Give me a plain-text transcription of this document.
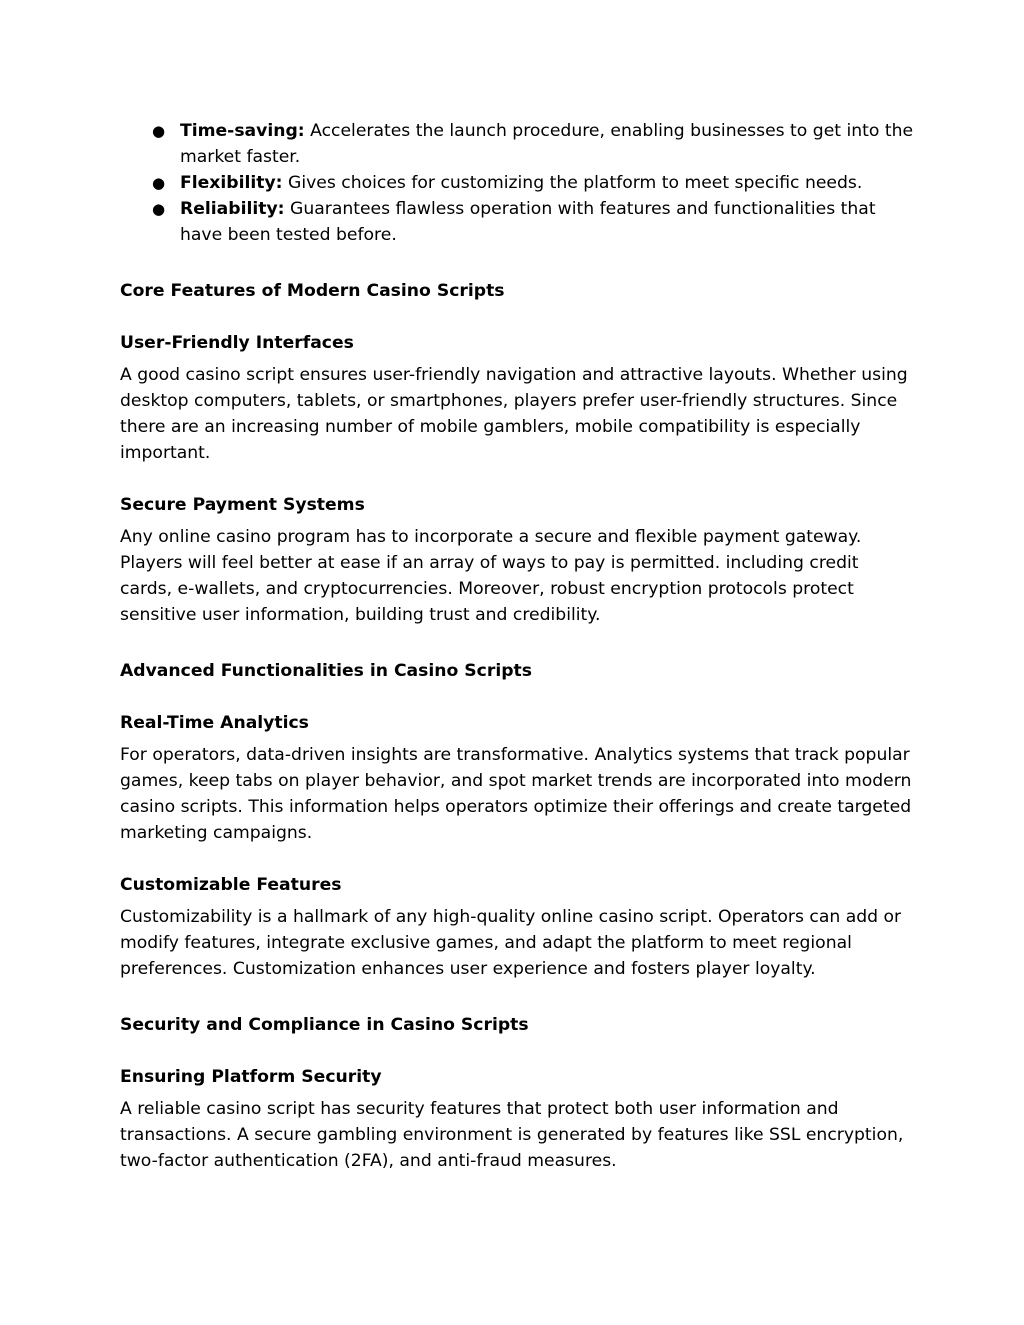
● Time-saving: Accelerates the launch procedure, enabling businesses to get into the market faster.
● Flexibility: Gives choices for customizing the platform to meet specific needs.
● Reliability: Guarantees flawless operation with features and functionalities that have been tested before.
Core Features of Modern Casino Scripts
User-Friendly Interfaces

A good casino script ensures user-friendly navigation and attractive layouts. Whether using desktop computers, tablets, or smartphones, players prefer user-friendly structures. Since there are an increasing number of mobile gamblers, mobile compatibility is especially important.

Secure Payment Systems

Any online casino program has to incorporate a secure and flexible payment gateway. Players will feel better at ease if an array of ways to pay is permitted. including credit cards, e-wallets, and cryptocurrencies. Moreover, robust encryption protocols protect sensitive user information, building trust and credibility.

Advanced Functionalities in Casino Scripts
Real-Time Analytics

For operators, data-driven insights are transformative. Analytics systems that track popular games, keep tabs on player behavior, and spot market trends are incorporated into modern casino scripts. This information helps operators optimize their offerings and create targeted marketing campaigns.

Customizable Features

Customizability is a hallmark of any high-quality online casino script. Operators can add or modify features, integrate exclusive games, and adapt the platform to meet regional preferences. Customization enhances user experience and fosters player loyalty.

Security and Compliance in Casino Scripts
Ensuring Platform Security

A reliable casino script has security features that protect both user information and transactions. A secure gambling environment is generated by features like SSL encryption, two-factor authentication (2FA), and anti-fraud measures.
